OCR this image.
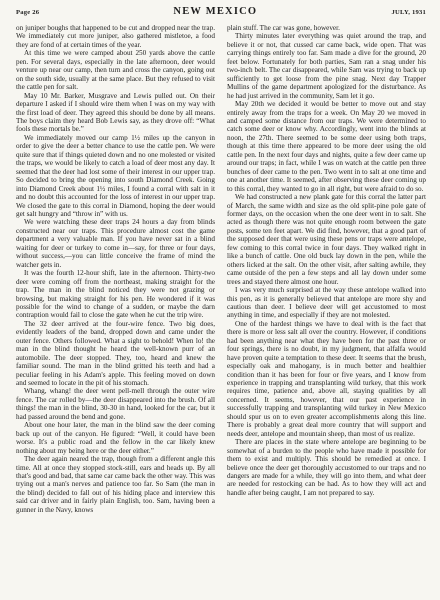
Page 26	NEW MEXICO	JULY, 1931

on juniper boughs that happened to be cut and dropped near the trap. We immediately cut more juniper, also gathered mistletoe, a food they are fond of at certain times of the year.

At this time we were camped about 250 yards above the cattle pen. For several days, especially in the late afternoon, deer would venture up near our camp, then turn and cross the canyon, going out on the south side, usually at the same place. But they refused to visit the cattle pen for salt.

May 10 Mr. Barker, Musgrave and Lewis pulled out. On their departure I asked if I should wire them when I was on my way with the first load of deer. They agreed this should be done by all means. The boys claim they heard Bob Lewis say, as they drove off: “What fools these mortals be.”

We immediately moved our camp 1½ miles up the canyon in order to give the deer a better chance to use the cattle pen. We were quite sure that if things quieted down and no one molested or visited the traps, we would be likely to catch a load of deer most any day. It seemed that the deer had lost some of their interest in our upper trap. So decided to bring the opening into south Diamond Creek. Going into Diamond Creek about 1½ miles, I found a corral with salt in it and no doubt this accounted for the loss of interest in our upper trap. We closed the gate to this corral in Diamond, hoping the deer would get salt hungry and “throw in” with us.

We were watching these deer traps 24 hours a day from blinds constructed near our traps. This procedure almost cost the game department a very valuable man. If you have never sat in a blind waiting for deer or turkey to come in—say, for three or four days, without success,—you can little conceive the frame of mind the watcher gets in.

It was the fourth 12-hour shift, late in the afternoon. Thirty-two deer were coming off from the northeast, making straight for the trap. The man in the blind noticed they were not grazing or browsing, but making straight for his pen. He wondered if it was possible for the wind to change of a sudden, or maybe the darn contraption would fail to close the gate when he cut the trip wire.

The 32 deer arrived at the four-wire fence. Two big does, evidently leaders of the band, dropped down and came under the outer fence. Others followed. What a sight to behold! When lo! the man in the blind thought he heard the well-known purr of an automobile. The deer stopped. They, too, heard and knew the familiar sound. The man in the blind gritted his teeth and had a peculiar feeling in his Adam's apple. This feeling moved on down and seemed to locate in the pit of his stomach.

Whang, whang! the deer went pell-mell through the outer wire fence. The car rolled by—the deer disappeared into the brush. Of all things! the man in the blind, 30-30 in hand, looked for the car, but it had passed around the bend and gone.

About one hour later, the man in the blind saw the deer coming back up out of the canyon. He figured: “Well, it could have been worse. It's a public road and the fellow in the car likely knew nothing about my being here or the deer either.”

The deer again neared the trap, though from a different angle this time. All at once they stopped stock-still, ears and heads up. By all that's good and bad, that same car came back the other way. This was trying out a man's nerves and patience too far. So Sam (the man in the blind) decided to fall out of his hiding place and interview this said car driver and in fairly plain English, too. Sam, having been a gunner in the Navy, knows

plain stuff. The car was gone, however.

Thirty minutes later everything was quiet around the trap, and believe it or not, that cussed car came back, wide open. That was carrying things entirely too far. Sam made a dive for the ground, 20 feet below. Fortunately for both parties, Sam ran a snag under his two-inch belt. The car disappeared, while Sam was trying to back up sufficiently to get loose from the pine snag. Next day Trapper Mullins of the game department apologized for the disturbance. As he had just arrived in the community, Sam let it go.

May 20th we decided it would be better to move out and stay entirely away from the traps for a week. On May 20 we moved in and camped some distance from our traps. We were determined to catch some deer or know why. Accordingly, went into the blinds at noon, the 27th. There seemed to be some deer using both traps, though at this time there appeared to be more deer using the old cattle pen. In the next four days and nights, quite a few deer came up around our traps; in fact, while I was on watch at the cattle pen three bunches of deer came to the pen. Two went in to salt at one time and one at another time. It seemed, after observing these deer coming up to this corral, they wanted to go in all right, but were afraid to do so.

We had constructed a new plank gate for this corral the latter part of March, the same width and size as the old split-pine pole gate of former days, on the occasion when the one deer went in to salt. She acted as though there was not quite enough room between the gate posts, some ten feet apart. We did find, however, that a good part of the supposed deer that were using these pens or traps were antelope, few coming to this corral twice in four days. They walked right in like a bunch of cattle. One old buck lay down in the pen, while the others licked at the salt. On the other visit, after salting awhile, they came outside of the pen a few steps and all lay down under some trees and stayed there almost one hour.

I was very much surprised at the way these antelope walked into this pen, as it is generally believed that antelope are more shy and cautious than deer. I believe deer will get accustomed to most anything in time, and especially if they are not molested.

One of the hardest things we have to deal with is the fact that there is more or less salt all over the country. However, if conditions had been anything near what they have been for the past three or four springs, there is no doubt, in my judgment, that alfalfa would have proven quite a temptation to these deer. It seems that the brush, especially oak and mahogany, is in much better and healthier condition than it has been for four or five years, and I know from experience in trapping and transplanting wild turkey, that this work requires time, patience and, above all, staying qualities by all concerned. It seems, however, that our past experience in successfully trapping and transplanting wild turkey in New Mexico should spur us on to even greater accomplishments along this line. There is probably a great deal more country that will support and needs deer, antelope and mountain sheep, than most of us realize.

There are places in the state where antelope are beginning to be somewhat of a burden to the people who have made it possible for them to exist and multiply. This should be remedied at once. I believe once the deer get thoroughly accustomed to our traps and no dangers are made for a while, they will go into them, and what deer are needed for restocking can be had. As to how they will act and handle after being caught, I am not prepared to say.
